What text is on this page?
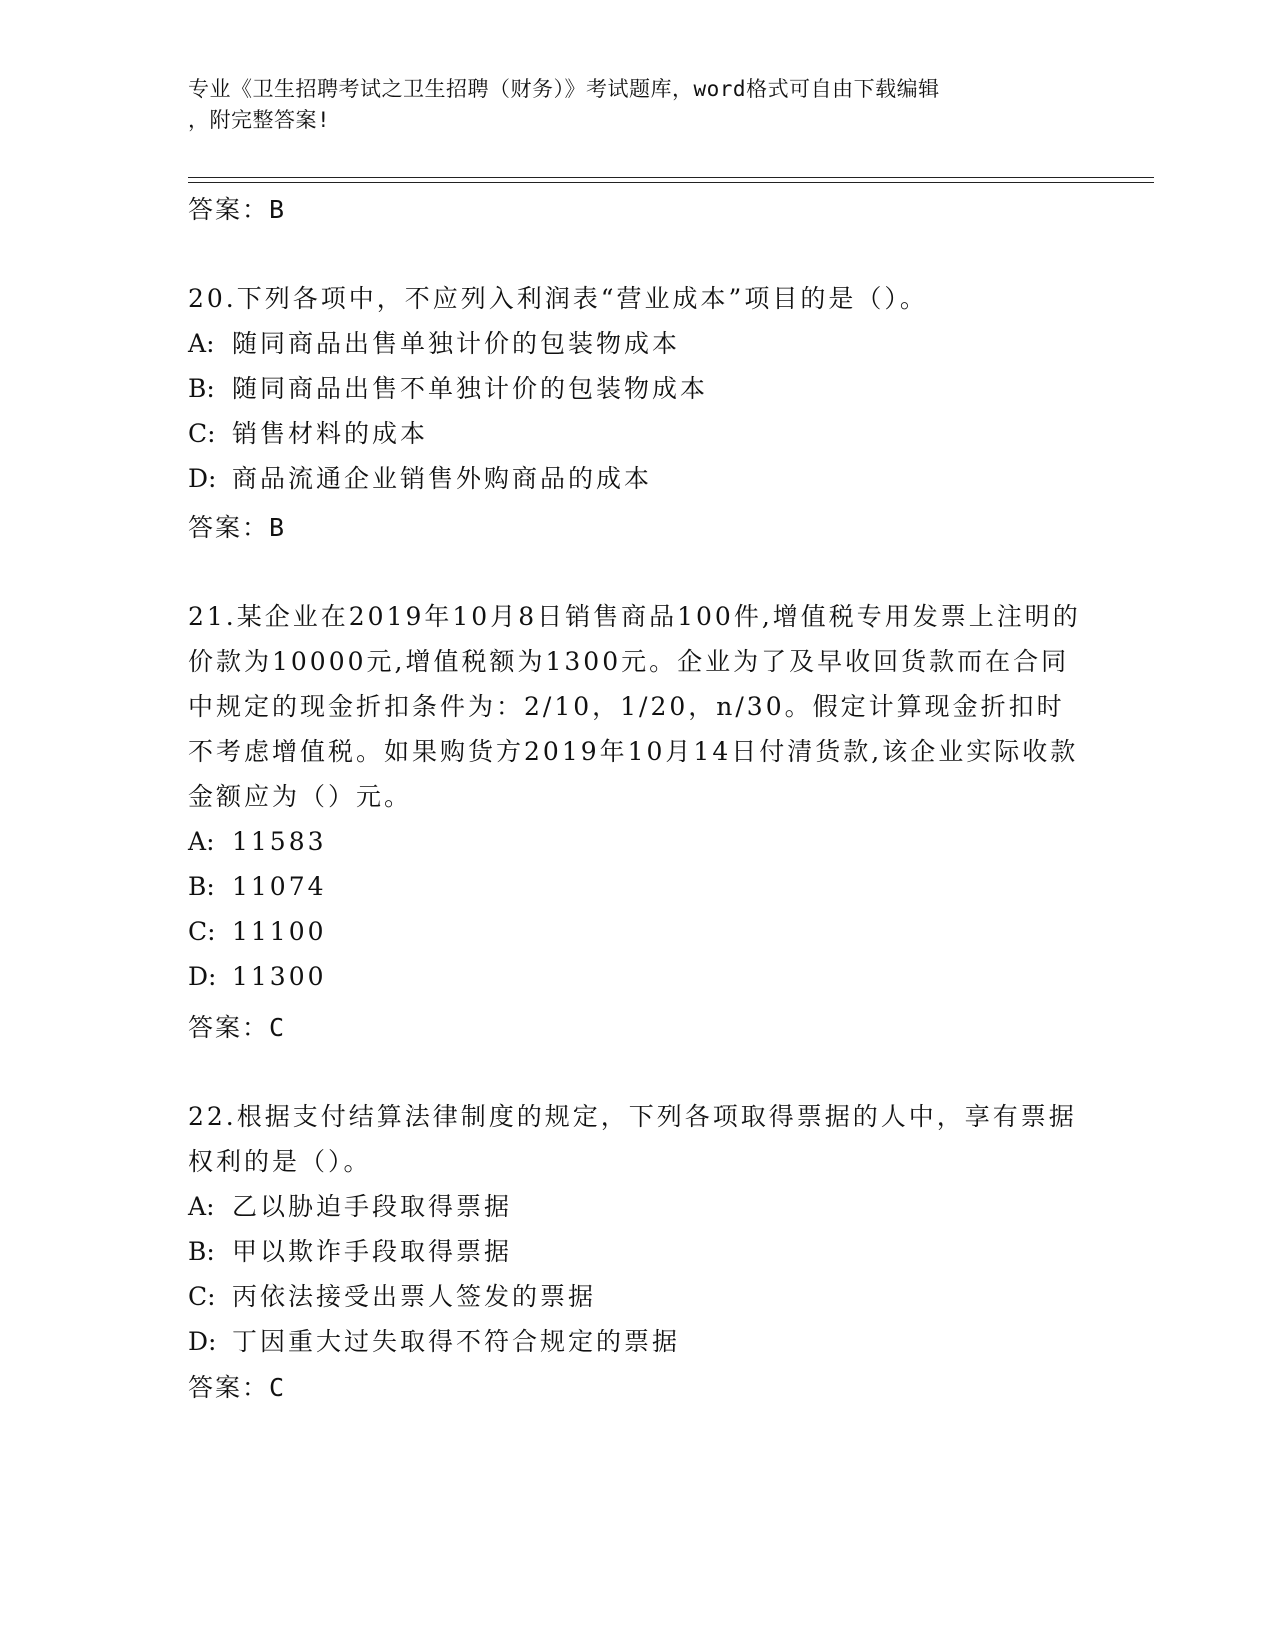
专业《卫生招聘考试之卫生招聘（财务）》考试题库，word格式可自由下载编辑
，附完整答案!
答案：B

20.下列各项中，不应列入利润表“营业成本”项目的是（）。

A : 随同商品出售单独计价的包装物成本
B : 随同商品出售不单独计价的包装物成本
C : 销售材料的成本
D : 商品流通企业销售外购商品的成本
答案：B

21.某企业在2019年10月8日销售商品100件,增值税专用发票上注明的价款为10000元,增值税额为1300元。企业为了及早收回货款而在合同中规定的现金折扣条件为：2/10，1/20，n/30。假定计算现金折扣时不考虑增值税。如果购货方2019年10月14日付清货款,该企业实际收款金额应为（）元。

A : 11583
B : 11074
C : 11100
D : 11300
答案：C

22.根据支付结算法律制度的规定，下列各项取得票据的人中，享有票据权利的是（）。

A : 乙以胁迫手段取得票据
B : 甲以欺诈手段取得票据
C : 丙依法接受出票人签发的票据
D : 丁因重大过失取得不符合规定的票据
答案：C
